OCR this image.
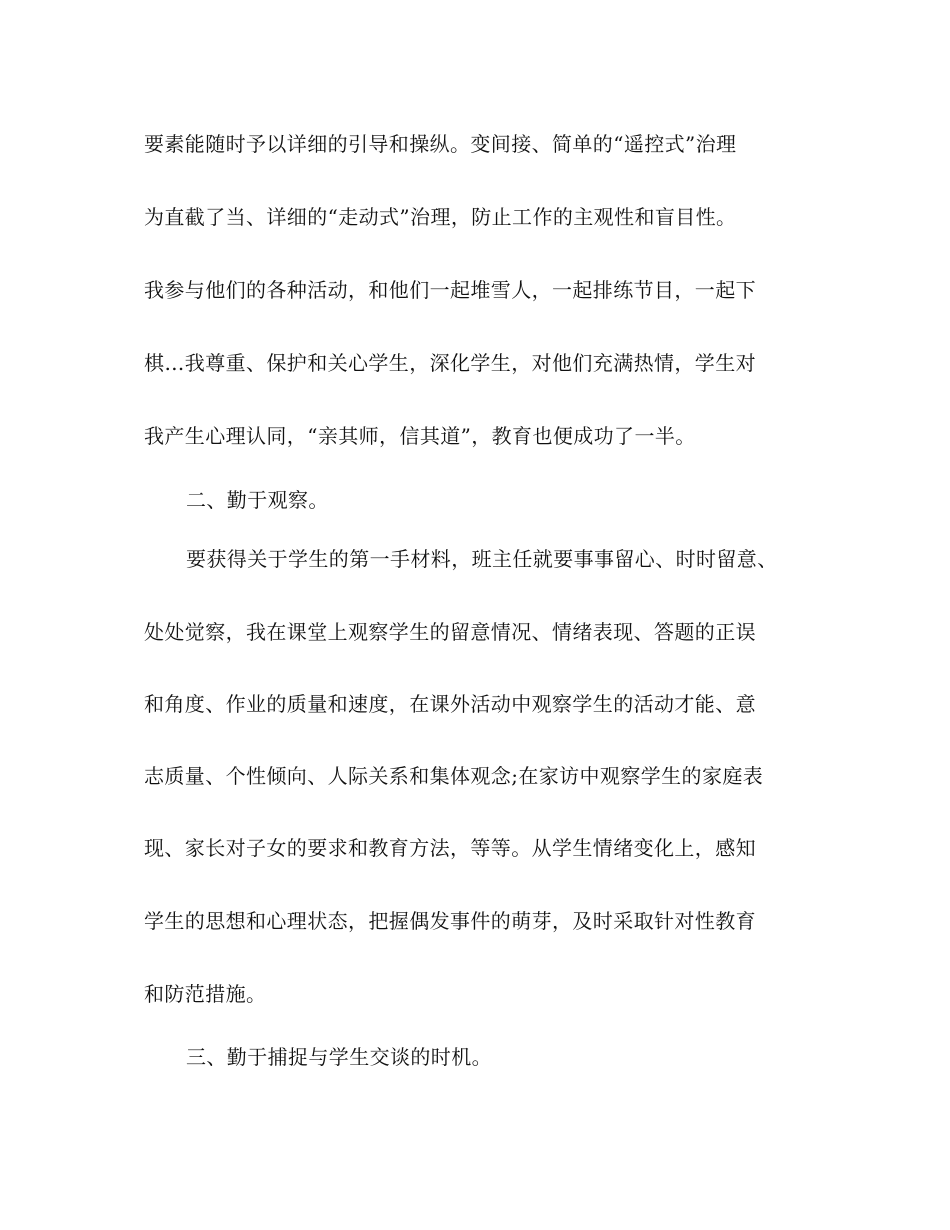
要素能随时予以详细的引导和操纵。变间接、简单的“遥控式”治理
为直截了当、详细的“走动式”治理，防止工作的主观性和盲目性。
我参与他们的各种活动，和他们一起堆雪人，一起排练节目，一起下
棋…我尊重、保护和关心学生，深化学生，对他们充满热情，学生对
我产生心理认同，“亲其师，信其道”，教育也便成功了一半。
二、勤于观察。
要获得关于学生的第一手材料，班主任就要事事留心、时时留意、
处处觉察，我在课堂上观察学生的留意情况、情绪表现、答题的正误
和角度、作业的质量和速度，在课外活动中观察学生的活动才能、意
志质量、个性倾向、人际关系和集体观念;在家访中观察学生的家庭表
现、家长对子女的要求和教育方法，等等。从学生情绪变化上，感知
学生的思想和心理状态，把握偶发事件的萌芽，及时采取针对性教育
和防范措施。
三、勤于捕捉与学生交谈的时机。
